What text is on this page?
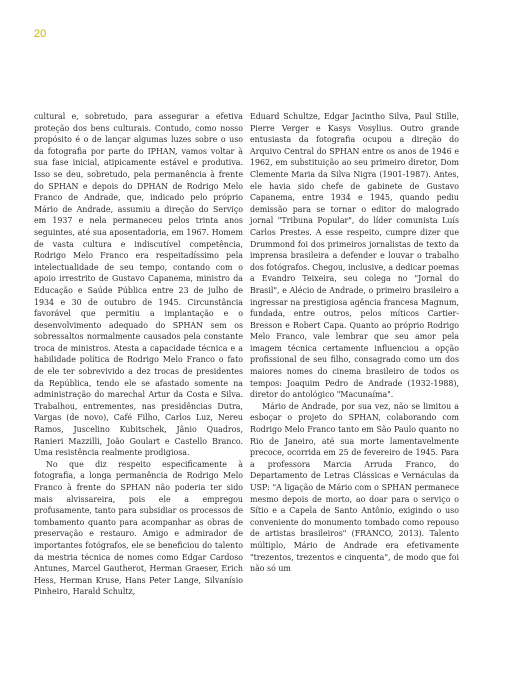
20

cultural e, sobretudo, para assegurar a efetiva proteção dos bens culturais. Contudo, como nosso propósito é o de lançar algumas luzes sobre o uso da fotografia por parte do IPHAN, vamos voltar à sua fase inicial, atipicamente estável e produtiva. Isso se deu, sobretudo, pela permanência à frente do SPHAN e depois do DPHAN de Rodrigo Melo Franco de Andrade, que, indicado pelo próprio Mário de Andrade, assumiu a direção do Serviço em 1937 e nela permaneceu pelos trinta anos seguintes, até sua aposentadoria, em 1967. Homem de vasta cultura e indiscutível competência, Rodrigo Melo Franco era respeitadíssimo pela intelectualidade de seu tempo, contando com o apoio irrestrito de Gustavo Capanema, ministro da Educação e Saúde Pública entre 23 de julho de 1934 e 30 de outubro de 1945. Circunstância favorável que permitiu a implantação e o desenvolvimento adequado do SPHAN sem os sobressaltos normalmente causados pela constante troca de ministros. Atesta a capacidade técnica e a habilidade política de Rodrigo Melo Franco o fato de ele ter sobrevivido a dez trocas de presidentes da República, tendo ele se afastado somente na administração do marechal Artur da Costa e Silva. Trabalhou, entrementes, nas presidências Dutra, Vargas (de novo), Café Filho, Carlos Luz, Nereu Ramos, Juscelino Kubitschek, Jânio Quadros, Ranieri Mazzilli, João Goulart e Castello Branco. Uma resistência realmente prodigiosa.

No que diz respeito especificamente à fotografia, a longa permanência de Rodrigo Melo Franco à frente do SPHAN não poderia ter sido mais alvissareira, pois ele a empregou profusamente, tanto para subsidiar os processos de tombamento quanto para acompanhar as obras de preservação e restauro. Amigo e admirador de importantes fotógrafos, ele se beneficiou do talento da mestria técnica de nomes como Edgar Cardoso Antunes, Marcel Gautherot, Herman Graeser, Erich Hess, Herman Kruse, Hans Peter Lange, Silvanísio Pinheiro, Harald Schultz,

Eduard Schultze, Edgar Jacintho Silva, Paul Stille, Pierre Verger e Kasys Vosylius. Outro grande entusiasta da fotografia ocupou a direção do Arquivo Central do SPHAN entre os anos de 1946 e 1962, em substituição ao seu primeiro diretor, Dom Clemente Maria da Silva Nigra (1901-1987). Antes, ele havia sido chefe de gabinete de Gustavo Capanema, entre 1934 e 1945, quando pediu demissão para se tornar o editor do malogrado jornal "Tribuna Popular", do líder comunista Luís Carlos Prestes. A esse respeito, cumpre dizer que Drummond foi dos primeiros jornalistas de texto da imprensa brasileira a defender e louvar o trabalho dos fotógrafos. Chegou, inclusive, a dedicar poemas a Evandro Teixeira, seu colega no "Jornal do Brasil", e Alécio de Andrade, o primeiro brasileiro a ingressar na prestigiosa agência francesa Magnum, fundada, entre outros, pelos míticos Cartier-Bresson e Robert Capa. Quanto ao próprio Rodrigo Melo Franco, vale lembrar que seu amor pela imagem técnica certamente influenciou a opção profissional de seu filho, consagrado como um dos maiores nomes do cinema brasileiro de todos os tempos: Joaquim Pedro de Andrade (1932-1988), diretor do antológico "Macunaíma".

Mário de Andrade, por sua vez, não se limitou a esboçar o projeto do SPHAN, colaborando com Rodrigo Melo Franco tanto em São Paulo quanto no Rio de Janeiro, até sua morte lamentavelmente precoce, ocorrida em 25 de fevereiro de 1945. Para a professora Marcia Arruda Franco, do Departamento de Letras Clássicas e Vernáculas da USP: "A ligação de Mário com o SPHAN permanece mesmo depois de morto, ao doar para o serviço o Sítio e a Capela de Santo Antônio, exigindo o uso conveniente do monumento tombado como repouso de artistas brasileiros" (FRANCO, 2013). Talento múltiplo, Mário de Andrade era efetivamente "trezentos, trezentos e cinquenta", de modo que foi não só um
